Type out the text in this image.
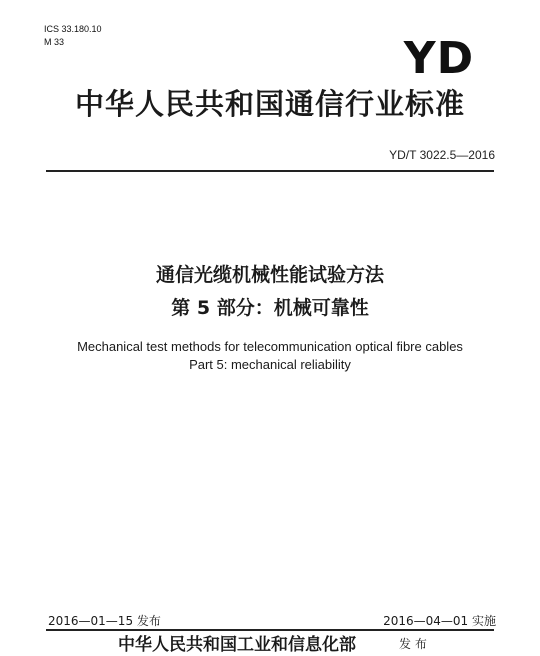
ICS 33.180.10
M 33	YD
中华人民共和国通信行业标准
YD/T 3022.5—2016
通信光缆机械性能试验方法
第 5 部分：机械可靠性
Mechanical test methods for telecommunication optical fibre cables
Part 5: mechanical reliability
2016—01—15 发布	2016—04—01 实施
中华人民共和国工业和信息化部	发 布
